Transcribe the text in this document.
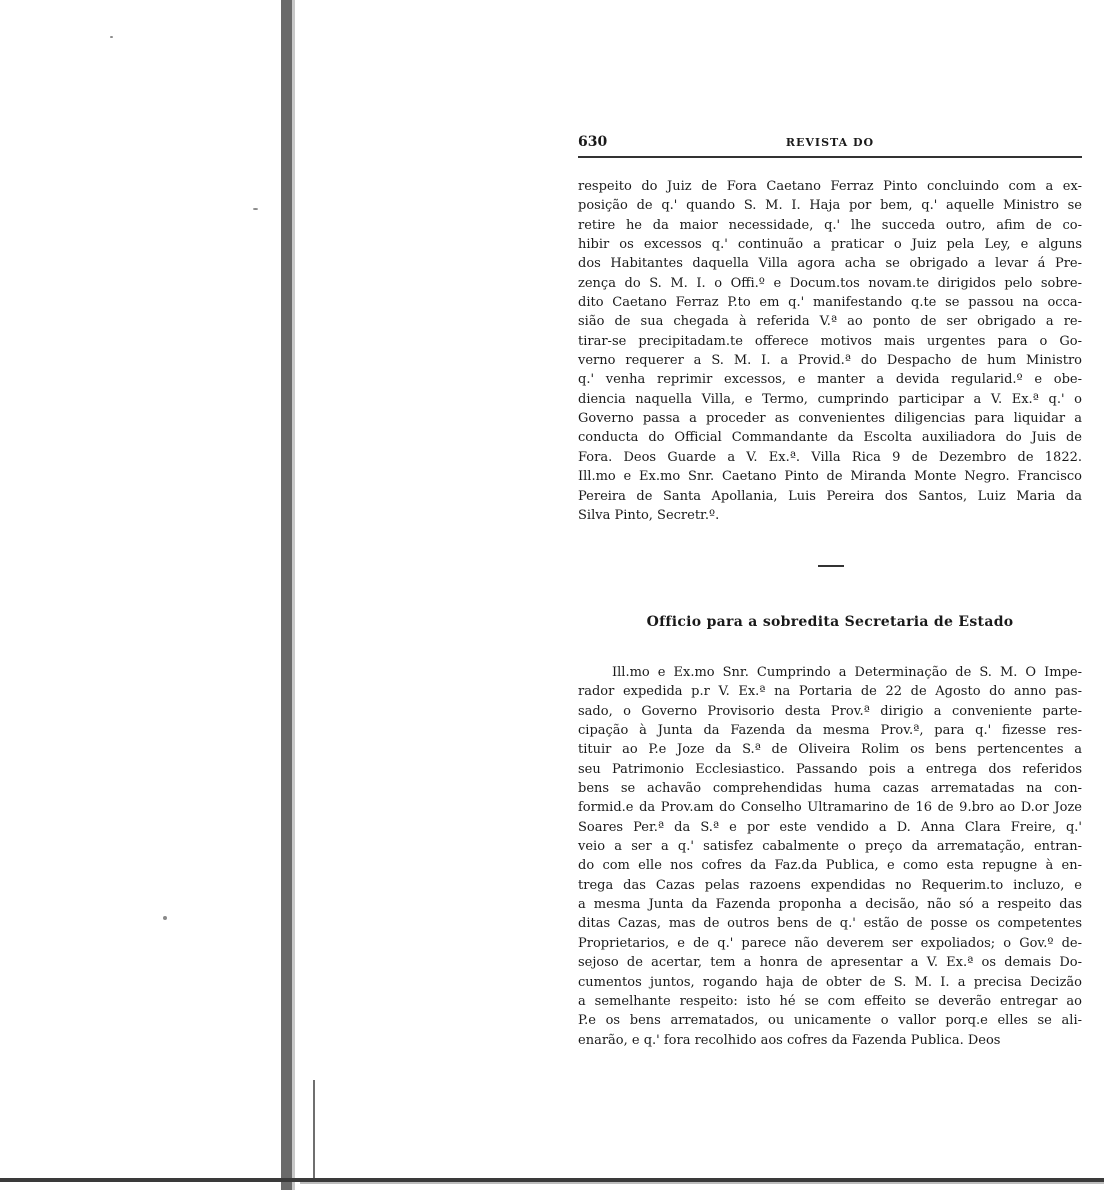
630	REVISTA DO
respeito do Juiz de Fora Caetano Ferraz Pinto concluindo com a ex-
posição de q.' quando S. M. I. Haja por bem, q.' aquelle Ministro se
retire he da maior necessidade, q.' lhe succeda outro, afim de co-
hibir os excessos q.' continuão a praticar o Juiz pela Ley, e alguns
dos Habitantes daquella Villa agora acha se obrigado a levar á Pre-
zença do S. M. I. o Offi.º e Docum.tos novam.te dirigidos pelo sobre-
dito Caetano Ferraz P.to em q.' manifestando q.te se passou na occa-
sião de sua chegada à referida V.ª ao ponto de ser obrigado a re-
tirar-se precipitadam.te offerece motivos mais urgentes para o Go-
verno requerer a S. M. I. a Provid.ª do Despacho de hum Ministro
q.' venha reprimir excessos, e manter a devida regularid.º e obe-
diencia naquella Villa, e Termo, cumprindo participar a V. Ex.ª q.' o
Governo passa a proceder as convenientes diligencias para liquidar a
conducta do Official Commandante da Escolta auxiliadora do Juis de
Fora. Deos Guarde a V. Ex.ª. Villa Rica 9 de Dezembro de 1822.
Ill.mo e Ex.mo Snr. Caetano Pinto de Miranda Monte Negro. Francisco
Pereira de Santa Apollania, Luis Pereira dos Santos, Luiz Maria da
Silva Pinto, Secretr.º.
Officio para a sobredita Secretaria de Estado
Ill.mo e Ex.mo Snr. Cumprindo a Determinação de S. M. O Impe-
rador expedida p.r V. Ex.ª na Portaria de 22 de Agosto do anno pas-
sado, o Governo Provisorio desta Prov.ª dirigio a conveniente parte-
cipação à Junta da Fazenda da mesma Prov.ª, para q.' fizesse res-
tituir ao P.e Joze da S.ª de Oliveira Rolim os bens pertencentes a
seu Patrimonio Ecclesiastico. Passando pois a entrega dos referidos
bens se achavão comprehendidas huma cazas arrematadas na con-
formid.e da Prov.am do Conselho Ultramarino de 16 de 9.bro ao D.or Joze
Soares Per.ª da S.ª e por este vendido a D. Anna Clara Freire, q.'
veio a ser a q.' satisfez cabalmente o preço da arrematação, entran-
do com elle nos cofres da Faz.da Publica, e como esta repugne à en-
trega das Cazas pelas razoens expendidas no Requerim.to incluzo, e
a mesma Junta da Fazenda proponha a decisão, não só a respeito das
ditas Cazas, mas de outros bens de q.' estão de posse os competentes
Proprietarios, e de q.' parece não deverem ser expoliados; o Gov.º de-
sejoso de acertar, tem a honra de apresentar a V. Ex.ª os demais Do-
cumentos juntos, rogando haja de obter de S. M. I. a precisa Decizão
a semelhante respeito: isto hé se com effeito se deverão entregar ao
P.e os bens arrematados, ou unicamente o vallor porq.e elles se ali-
enarão, e q.' fora recolhido aos cofres da Fazenda Publica. Deos
